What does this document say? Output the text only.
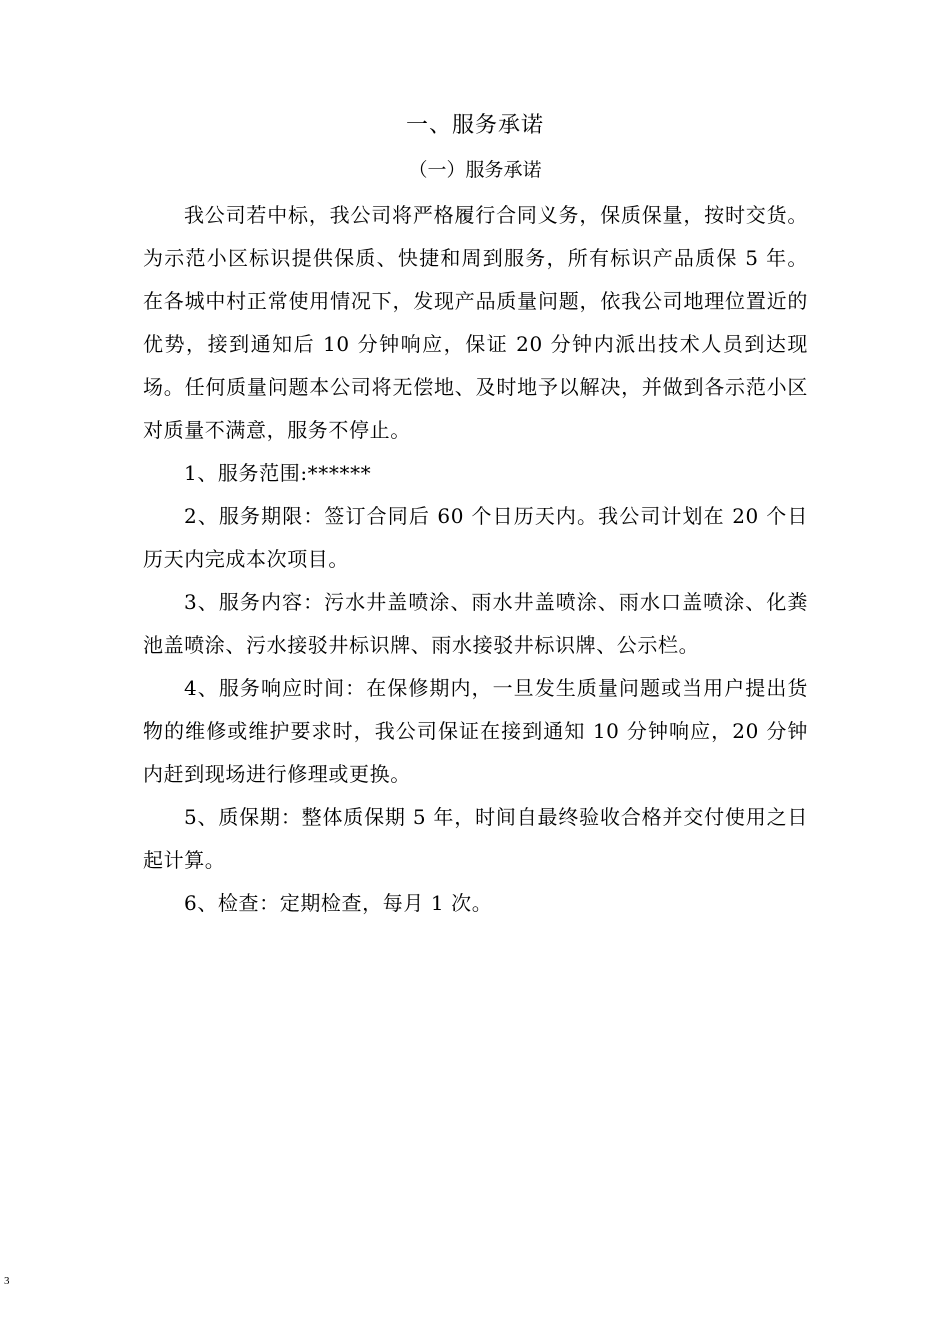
一、服务承诺
（一）服务承诺

我公司若中标，我公司将严格履行合同义务，保质保量，按时交货。为示范小区标识提供保质、快捷和周到服务，所有标识产品质保 5 年。在各城中村正常使用情况下，发现产品质量问题，依我公司地理位置近的优势，接到通知后 10 分钟响应，保证 20 分钟内派出技术人员到达现场。任何质量问题本公司将无偿地、及时地予以解决，并做到各示范小区对质量不满意，服务不停止。

1、服务范围:******

2、服务期限：签订合同后 60 个日历天内。我公司计划在 20 个日历天内完成本次项目。

3、服务内容：污水井盖喷涂、雨水井盖喷涂、雨水口盖喷涂、化粪池盖喷涂、污水接驳井标识牌、雨水接驳井标识牌、公示栏。

4、服务响应时间：在保修期内，一旦发生质量问题或当用户提出货物的维修或维护要求时，我公司保证在接到通知 10 分钟响应，20 分钟内赶到现场进行修理或更换。

5、质保期：整体质保期 5 年，时间自最终验收合格并交付使用之日起计算。

6、检查：定期检查，每月 1 次。

3
